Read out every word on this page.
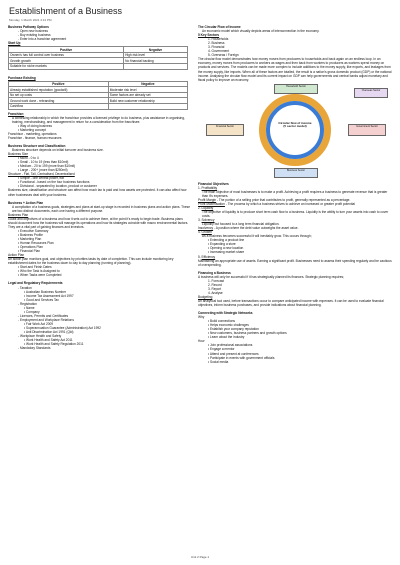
Establishment of a Business
Monday, 1 March 2021 4:12 PM
Business Pathway Options
- Open new business
- Buy existing business
- Enter into a franchise agreement
Start Up
Positive	Negative
Owner/s has full control over business	High risk level
Growth growth	No financial backing
Suitable for niche markets	
Purchase Existing
Positive	Negative
Already established reputation (goodwill)	Moderate risk level
No set up costs	Some factors are already set
Ground work done - rebranding	Build new customer relationship
Cashflow	
Franchise:
A continuing relationship in which the franchisor provides a licensed privilege to do business, plus assistance in organising, training, merchandising, and management in return for a consideration from the franchisee.
• Way of doing business
• Marketing concept
Franchisor - marketing, operations
Franchise - finance, human resources
Business Structure and Classification
Business structure depends on initial turnover and business size.
Business Size
• Micro - 0 to 4
• Small - 10 to 19 (less than $10mil)
• Medium - 20 to 199 (more than $10mil)
• Large - 200+ (more than $250mil)
Structure - Flat, Tall, Centralised, Decentralised
• Simple - one central power, flat
• Functional - based on the four business functions
• Divisional - separated by location, product or customer
Business size, classification and structure can affect how much tax is paid and how assets are protected. It can also affect how other businesses deal with your business.
Business + Action Plan
A compilation of a business goals, strategies and plans at start-up stage is recorded in business plans and action plans. These are two distinct documents, each one having a different purpose.
Business Plan
Goals and objectives of a business and how it sets out to achieve them, at the point it's ready to begin trade. Business plans should document how the business will manage its operations and how its strategies coincide with macro environmental factors. They are a vital part of gaining finances and investors.
• Executive Summary
• Business Profile
• Marketing Plan
• Human Resources Plan
• Operations Plan
• Financial Plan
Action Plan
An action plan monitors goal, and objectives by priorities tasks by date of completion. This can include monitoring key establishment dates for the business down to day to day planning (running of planning).
• Start and Finish Dates
• Who the Task is Assigned to
• When Tasks were Completed
Legal and Regulatory Requirements
- Taxation
• Australian Business Number
• Income Tax Assessment Act 1997
• Good and Services Tax
- Registration
• Name
• Company
- Licences, Permits and Certificates
- Employment and Workplace Relations
• Fair Work Act 2009
• Superannuation Guarantee (Administration) Act 1992
• Anti Discrimination Act 1991 (Qld)
- Workplace Health and Safety
• Work Health and Safety Act 2011
• Work Health and Safety Regulation 2011
- Mandatory Standards
The Circular Flow of Income
An economic model which visually depicts areas of interconnection in the economy.
5 Key Sectors
1. Households
2. Business
3. Financial
4. Government
5. Overseas / Foreign
The circular flow model demonstrates how money moves from producers to households and back again on an endless loop. In an economy, money moves from producers to workers as wages and then back from workers to producers as workers spend money on products and services. The models can be made more complex to include additions to the money supply, like exports, and leakages from the money supply, like imports. When all of these factors are totalled, the result is a nation's gross domestic product (GDP) or the national income. Analysing the circular flow model and its current impact on GDP can help governments and central banks adjust monetary and fiscal policy to improve an economy.
Circular flow of income
(5 sector model)
Household Sector
Business Sector
Financial Sector	Government Sector
Overseas Sector
Financial Objectives
1. Profitability
The main objective of most businesses is to make a profit. Achieving a profit requires a business to generate revenue that is greater than it's expenses.
Profit Margin - The portion of a selling price that contributes to profit, generally represented as a percentage.
Profit Maximisation - The process by which a business strives to achieve an increased or greater profit potential
2. Liquidity
The objective of liquidity is to produce short term cash flow to a business. Liquidity is the ability to turn your assets into cash to cover costs.
3. Solvency
Liquidity but focused to a long term financial obligation.
Insolvency - A position where the debt value outweighs the asset value.
4. Growth
As a business becomes successful it will inevitably grow. This occurs through;
• Extending a product line
• Expanding a store
• Opening a new location
• Increasing market share
5. Efficiency
Maintaining an appropriate use of assets. Earning a significant profit. Businesses need to assess their spending regularly and be cautious of overspending.
Financing a Business
A business will only be successful if it has strategically planned its finances. Strategic planning requires;
1. Forecast
2. Record
3. Report
4. Analyse
Budgeting
An analytical tool used, before transactions occur to compare anticipated income with expenses. It can be used to evaluate financial objectives, inform business purchases, and provide indications about financial planning.
Connecting with Strategic Networks
Why
• Build connections
• Helps economic challenges
• Establish your company reputation
• New customers, business partners and growth options
• Learn about the industry
How
• Join professional associations
• Engage a mentor
• Attend and present at conferences
• Participate in events with government officials
• Social media
Unit 2 Page 1
